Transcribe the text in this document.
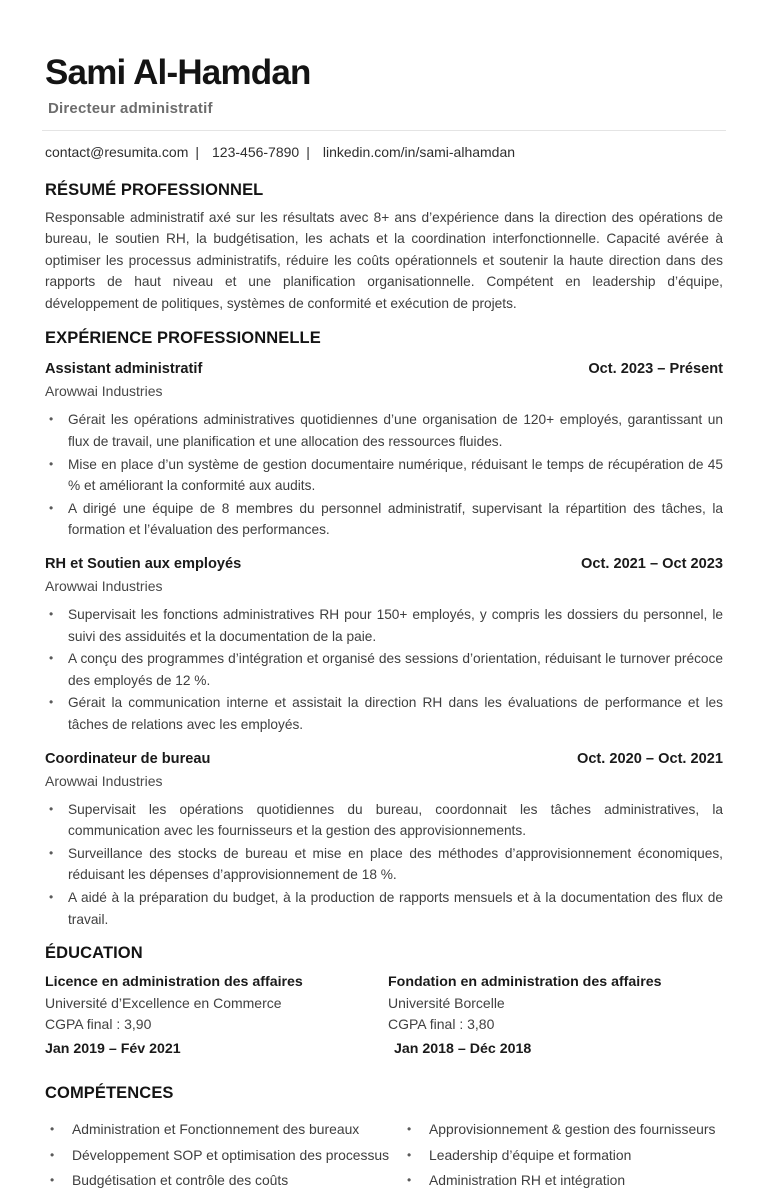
Sami Al-Hamdan
Directeur administratif
contact@resumita.com | 123-456-7890 | linkedin.com/in/sami-alhamdan
RÉSUMÉ PROFESSIONNEL

Responsable administratif axé sur les résultats avec 8+ ans d’expérience dans la direction des opérations de bureau, le soutien RH, la budgétisation, les achats et la coordination interfonctionnelle. Capacité avérée à optimiser les processus administratifs, réduire les coûts opérationnels et soutenir la haute direction dans des rapports de haut niveau et une planification organisationnelle. Compétent en leadership d’équipe, développement de politiques, systèmes de conformité et exécution de projets.

EXPÉRIENCE PROFESSIONNELLE
Assistant administratif	Oct. 2023 – Présent
Arowwai Industries
• Gérait les opérations administratives quotidiennes d’une organisation de 120+ employés, garantissant un flux de travail, une planification et une allocation des ressources fluides.
• Mise en place d’un système de gestion documentaire numérique, réduisant le temps de récupération de 45 % et améliorant la conformité aux audits.
• A dirigé une équipe de 8 membres du personnel administratif, supervisant la répartition des tâches, la formation et l’évaluation des performances.
RH et Soutien aux employés	Oct. 2021 – Oct 2023
Arowwai Industries
• Supervisait les fonctions administratives RH pour 150+ employés, y compris les dossiers du personnel, le suivi des assiduités et la documentation de la paie.
• A conçu des programmes d’intégration et organisé des sessions d’orientation, réduisant le turnover précoce des employés de 12 %.
• Gérait la communication interne et assistait la direction RH dans les évaluations de performance et les tâches de relations avec les employés.
Coordinateur de bureau	Oct. 2020 – Oct. 2021
Arowwai Industries
• Supervisait les opérations quotidiennes du bureau, coordonnait les tâches administratives, la communication avec les fournisseurs et la gestion des approvisionnements.
• Surveillance des stocks de bureau et mise en place des méthodes d’approvisionnement économiques, réduisant les dépenses d’approvisionnement de 18 %.
• A aidé à la préparation du budget, à la production de rapports mensuels et à la documentation des flux de travail.
ÉDUCATION
Licence en administration des affaires
Université d’Excellence en Commerce
CGPA final : 3,90
Jan 2019 – Fév 2021
Fondation en administration des affaires
Université Borcelle
CGPA final : 3,80
Jan 2018 – Déc 2018
COMPÉTENCES
• Administration et Fonctionnement des bureaux
• Développement SOP et optimisation des processus
• Budgétisation et contrôle des coûts
• Approvisionnement & gestion des fournisseurs
• Leadership d’équipe et formation
• Administration RH et intégration
